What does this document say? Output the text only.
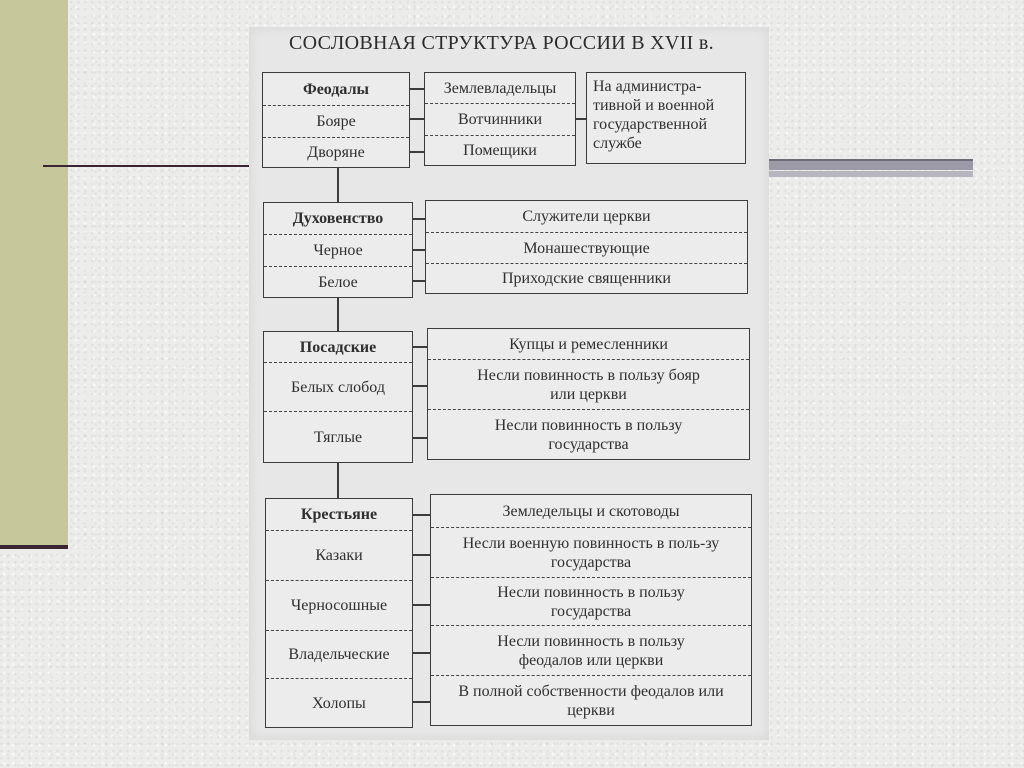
СОСЛОВНАЯ СТРУКТУРА РОССИИ В XVII в.
Феодалы
Бояре
Дворяне
Землевладельцы
Вотчинники
Помещики
На администра-тивной и военной государственной службе
Духовенство
Черное
Белое
Служители церкви
Монашествующие
Приходские священники
Посадские
Белых слобод
Тяглые
Купцы и ремесленники
Несли повинность в пользу бояр или церкви
Несли повинность в пользу государства
Крестьяне
Казаки
Черносошные
Владельческие
Холопы
Земледельцы и скотоводы
Несли военную повинность в поль-зу государства
Несли повинность в пользу государства
Несли повинность в пользу феодалов или церкви
В полной собственности феодалов или церкви
